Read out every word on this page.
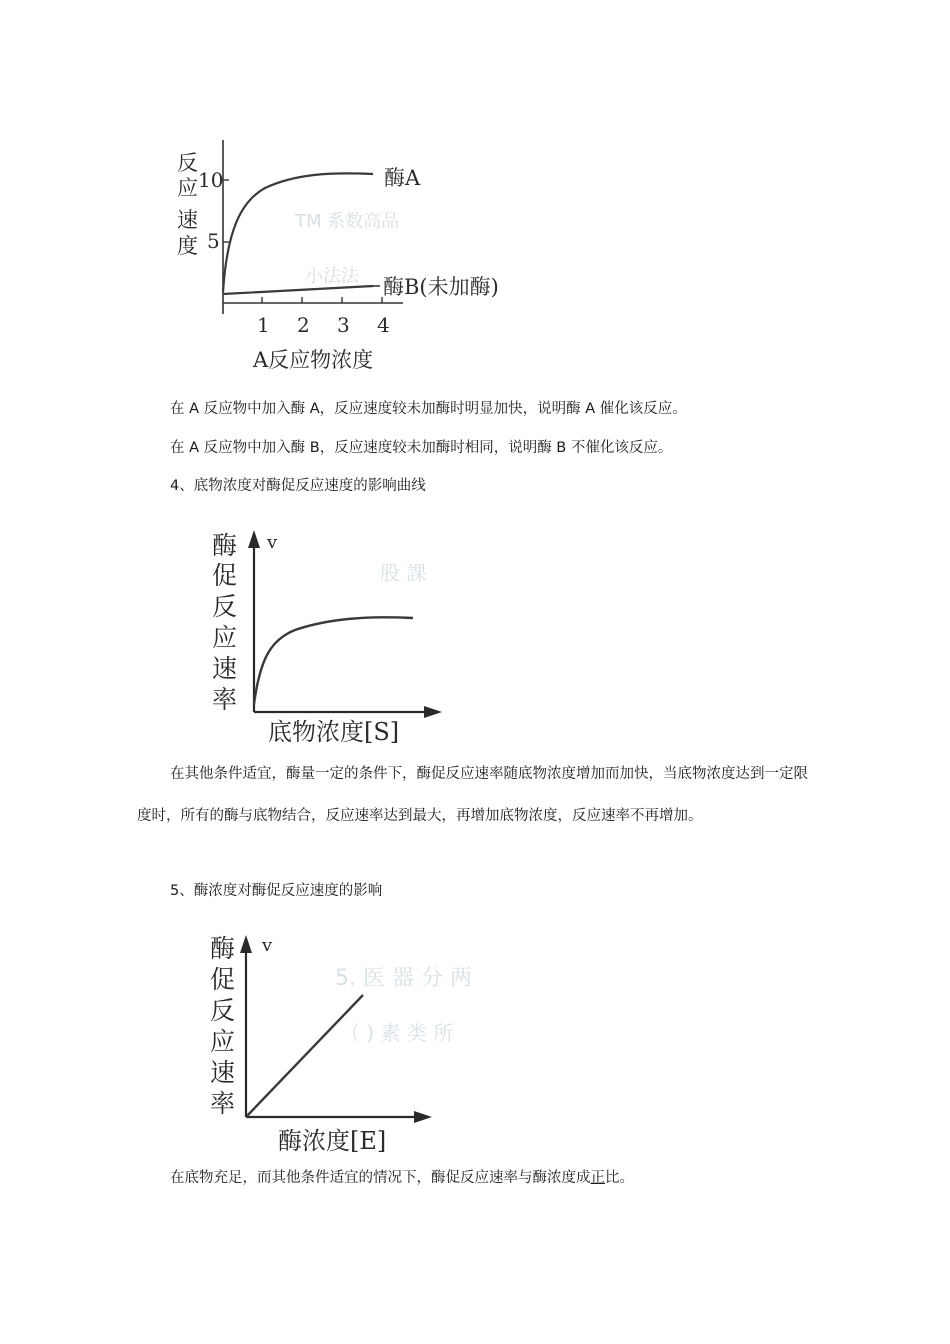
TM 系数高品
小法法
反
应
速
度
10
5
1 2 3 4
A反应物浓度
酶A
酶B(未加酶)

在 A 反应物中加入酶 A，反应速度较未加酶时明显加快，说明酶 A 催化该反应。

在 A 反应物中加入酶 B，反应速度较未加酶时相同，说明酶 B 不催化该反应。

4、底物浓度对酶促反应速度的影响曲线

股 課
v
酶
促
反
应
速
率
底物浓度[S]

在其他条件适宜，酶量一定的条件下，酶促反应速率随底物浓度增加而加快，当底物浓度达到一定限度时，所有的酶与底物结合，反应速率达到最大，再增加底物浓度，反应速率不再增加。

5、酶浓度对酶促反应速度的影响

5. 医 器 分 两
（ ) 素 类 所
v
酶
促
反
应
速
率
酶浓度[E]

在底物充足，而其他条件适宜的情况下，酶促反应速率与酶浓度成正比。
